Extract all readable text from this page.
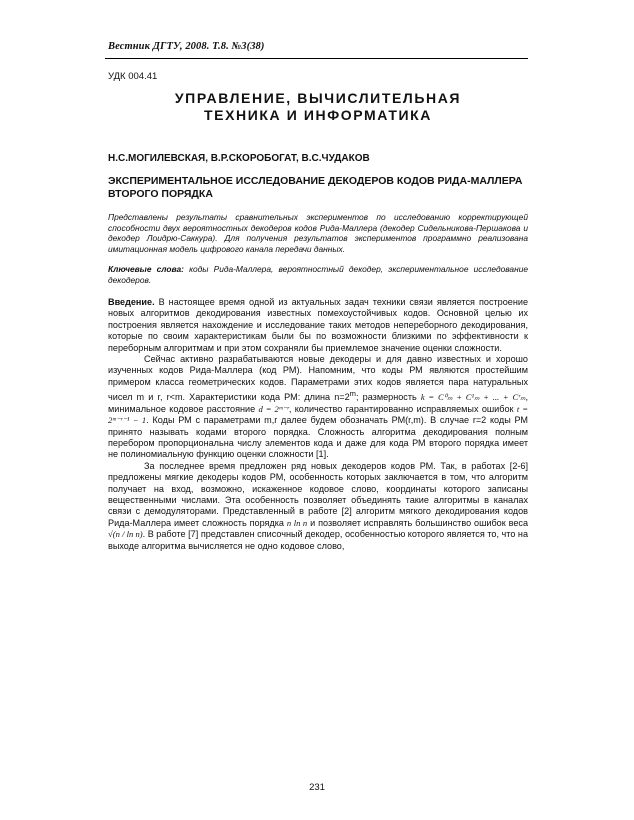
Вестник ДГТУ, 2008. Т.8. №3(38)
УДК 004.41
УПРАВЛЕНИЕ, ВЫЧИСЛИТЕЛЬНАЯ
ТЕХНИКА И ИНФОРМАТИКА
Н.С.МОГИЛЕВСКАЯ, В.Р.СКОРОБОГАТ, В.С.ЧУДАКОВ
ЭКСПЕРИМЕНТАЛЬНОЕ ИССЛЕДОВАНИЕ ДЕКОДЕРОВ КОДОВ РИДА-МАЛЛЕРА ВТОРОГО ПОРЯДКА
Представлены результаты сравнительных экспериментов по исследованию корректирующей способности двух вероятностных декодеров кодов Рида-Маллера (декодер Сидельникова-Першакова и декодер Лоидрю-Саккура). Для получения результатов экспериментов программно реализована имитационная модель цифрового канала передачи данных.
Ключевые слова: коды Рида-Маллера, вероятностный декодер, экспериментальное исследование декодеров.

Введение. В настоящее время одной из актуальных задач техники связи является построение новых алгоритмов декодирования известных помехоустойчивых кодов. Основной целью их построения является нахождение и исследование таких методов непереборного декодирования, которые по своим характеристикам были бы по возможности близкими по эффективности к переборным алгоритмам и при этом сохраняли бы приемлемое значение оценки сложности.

Сейчас активно разрабатываются новые декодеры и для давно известных и хорошо изученных кодов Рида-Маллера (код РМ). Напомним, что коды РМ являются простейшим примером класса геометрических кодов. Параметрами этих кодов является пара натуральных чисел m и r, r<m. Характеристики кода РМ: длина $n=2^m$; размерность k = C⁰ₘ + C¹ₘ + ... + Cʳₘ, минимальное кодовое расстояние d = 2ᵐ⁻ʳ, количество гарантированно исправляемых ошибок t = 2ᵐ⁻ʳ⁻¹ − 1. Коды РМ с параметрами m,r далее будем обозначать РМ(r,m). В случае r=2 коды РМ принято называть кодами второго порядка. Сложность алгоритма декодирования полным перебором пропорциональна числу элементов кода и даже для кода РМ второго порядка имеет не полиномиальную функцию оценки сложности [1].

За последнее время предложен ряд новых декодеров кодов РМ. Так, в работах [2-6] предложены мягкие декодеры кодов РМ, особенность которых заключается в том, что алгоритм получает на вход, возможно, искаженное кодовое слово, координаты которого записаны вещественными числами. Эта особенность позволяет объединять такие алгоритмы в каналах связи с демодуляторами. Представленный в работе [2] алгоритм мягкого декодирования кодов Рида-Маллера имеет сложность порядка n ln n и позволяет исправлять большинство ошибок веса √(n / ln n). В работе [7] представлен списочный декодер, особенностью которого является то, что на выходе алгоритма вычисляется не одно кодовое слово,

231
